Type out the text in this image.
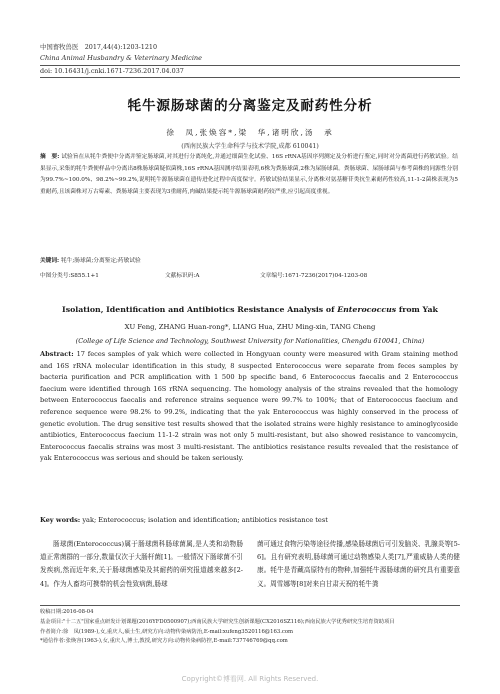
中国畜牧兽医　2017,44(4):1203-1210
China Animal Husbandry & Veterinary Medicine
doi: 10.16431/j.cnki.1671-7236.2017.04.037
牦牛源肠球菌的分离鉴定及耐药性分析
徐　凤,张焕容*,梁　华,诸明欣,汤　承
(西南民族大学生命科学与技术学院,成都 610041)
摘　要: 试验旨在从牦牛粪便中分离并鉴定肠球菌,对其进行分离纯化,并通过细菌生化试验、16S rRNA基因序列测定及分析进行鉴定,同时对分离菌进行药敏试验。结果显示,采集的牦牛粪便样品中分离出8株肠球菌疑似菌株,16S rRNA基因测序结果表明,6株为粪肠球菌,2株为屎肠球菌。粪肠球菌、屎肠球菌与参考菌株的同源性分别为99.7%~100.0%、98.2%~99.2%,说明牦牛源肠球菌在遗传进化过程中高度保守。药敏试验结果显示,分离株对氨基糖苷类抗生素耐药性较高,11-1-2菌株表现为5重耐药,且该菌株对万古霉素、粪肠球菌主要表现为3重耐药,肉碱结果提示牦牛源肠球菌耐药较严重,应引起高度重视。
关键词: 牦牛;肠球菌;分离鉴定;药敏试验
中图分类号:S855.1+1	文献标识码:A	文章编号:1671-7236(2017)04-1203-08
Isolation, Identification and Antibiotics Resistance Analysis of Enterococcus from Yak
XU Feng, ZHANG Huan-rong*, LIANG Hua, ZHU Ming-xin, TANG Cheng
(College of Life Science and Technology, Southwest University for Nationalities, Chengdu 610041, China)
Abstract: 17 feces samples of yak which were collected in Hongyuan county were measured with Gram staining method and 16S rRNA molecular identification in this study, 8 suspected Enterococcus were separate from feces samples by bacteria purification and PCR amplification with 1 500 bp specific band, 6 Enterococcus faecalis and 2 Enterococcus faecium were identified through 16S rRNA sequencing. The homology analysis of the strains revealed that the homology between Enterococcus faecalis and reference strains sequence were 99.7% to 100%; that of Enterococcus faecium and reference sequence were 98.2% to 99.2%, indicating that the yak Enterococcus was highly conserved in the process of genetic evolution. The drug sensitive test results showed that the isolated strains were highly resistance to aminoglycoside antibiotics, Enterococcus faecium 11-1-2 strain was not only 5 multi-resistant, but also showed resistance to vancomycin, Enterococcus faecalis strains was most 3 multi-resistant. The antibiotics resistance results revealed that the resistance of yak Enterococcus was serious and should be taken seriously.
Key words: yak; Enterococcus; isolation and identification; antibiotics resistance test
肠球菌(Enterococcus)属于肠球菌科肠球菌属,是人类和动物肠道正常菌群的一部分,数量仅次于大肠杆菌[1]。一般情况下肠球菌不引发疾病,然而近年来,关于肠球菌感染及其耐药的研究报道越来越多[2-4]。作为人畜均可携带的机会性致病菌,肠球
菌可通过食物污染等途径传播,感染肠球菌后可引发脑炎、乳腺炎等[5-6]。且有研究表明,肠球菌可通过动物感染人类[7],严重威胁人类的健康。牦牛是青藏高原特有的物种,加强牦牛源肠球菌的研究具有重要意义。周雪娜等[8]对来自甘肃天祝的牦牛粪
收稿日期:2016-08-04
基金项目:"十二五"国家重点研发计划课题(2016YFD0500907);西南民族大学研究生创新课题(CX2016SZ116);西南民族大学优秀研究生培育资助项目
作者简介:徐　凤(1989-),女,重庆人,硕士生,研究方向:动物传染病防治,E-mail:xufeng3520116@163.com
*通信作者:张焕容(1963-),女,重庆人,博士,教授,研究方向:动物传染病防控,E-mail:737746769@qq.com
Copyright©博看网. All Rights Reserved.
